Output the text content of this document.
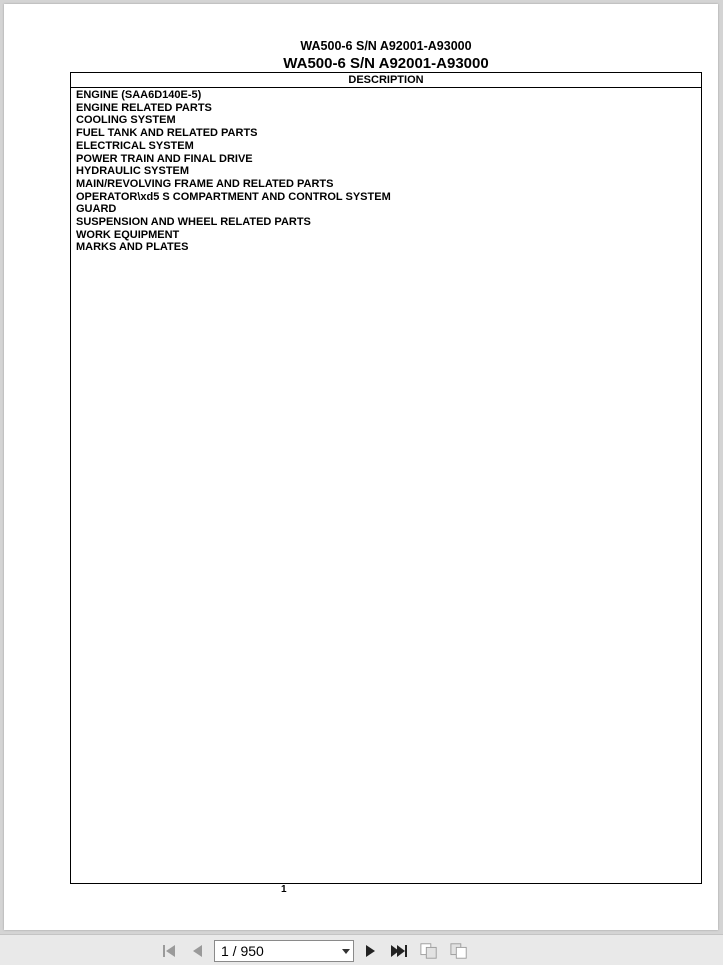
WA500-6 S/N A92001-A93000
WA500-6 S/N A92001-A93000
DESCRIPTION
ENGINE (SAA6D140E-5)
ENGINE RELATED PARTS
COOLING SYSTEM
FUEL TANK AND RELATED PARTS
ELECTRICAL SYSTEM
POWER TRAIN AND FINAL DRIVE
HYDRAULIC SYSTEM
MAIN/REVOLVING FRAME AND RELATED PARTS
OPERATOR\xd5 S COMPARTMENT AND CONTROL SYSTEM
GUARD
SUSPENSION AND WHEEL RELATED PARTS
WORK EQUIPMENT
MARKS AND PLATES
1
1 / 950
